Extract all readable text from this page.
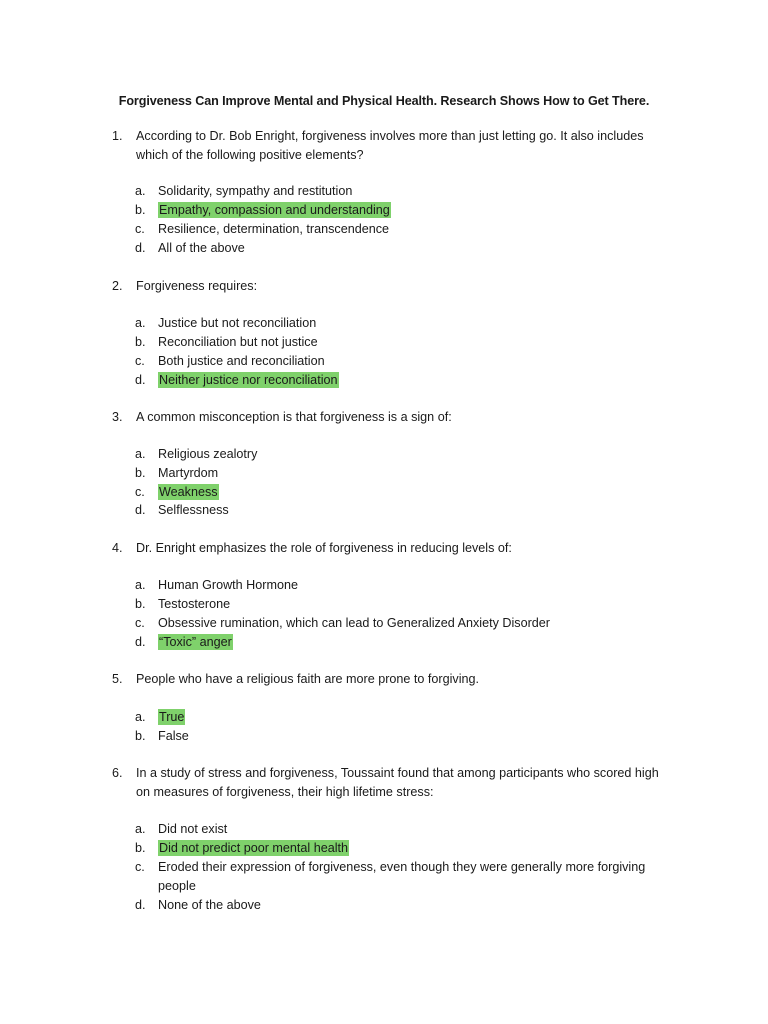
Forgiveness Can Improve Mental and Physical Health. Research Shows How to Get There.
1.	According to Dr. Bob Enright, forgiveness involves more than just letting go. It also includes which of the following positive elements?
a. Solidarity, sympathy and restitution
b.	Empathy, compassion and understanding
c.	Resilience, determination, transcendence
d. All of the above
2.	Forgiveness requires:
a. Justice but not reconciliation
b. Reconciliation but not justice
c.	Both justice and reconciliation
d.	Neither justice nor reconciliation
3.	A common misconception is that forgiveness is a sign of:
a. Religious zealotry
b. Martyrdom
c.	Weakness
d. Selflessness
4.	Dr. Enright emphasizes the role of forgiveness in reducing levels of:
a. Human Growth Hormone
b. Testosterone
c.	Obsessive rumination, which can lead to Generalized Anxiety Disorder
d.	“Toxic” anger
5.	People who have a religious faith are more prone to forgiving.
a.	True
b. False
6.	In a study of stress and forgiveness, Toussaint found that among participants who scored high on measures of forgiveness, their high lifetime stress:
a. Did not exist
b.	Did not predict poor mental health
c.	Eroded their expression of forgiveness, even though they were generally more forgiving people
d. None of the above
